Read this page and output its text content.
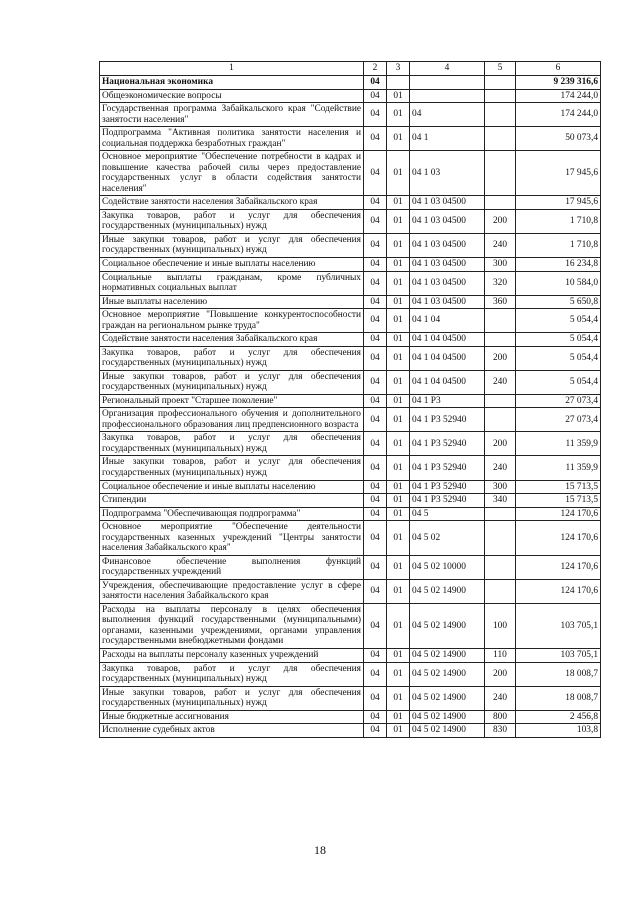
1	2	3	4	5	6
Национальная экономика	04				9 239 316,6
Общеэкономические вопросы	04	01			174 244,0
Государственная программа Забайкальского края "Содействие занятости населения"	04	01	04		174 244,0
Подпрограмма "Активная политика занятости населения и социальная поддержка безработных граждан"	04	01	04 1		50 073,4
Основное мероприятие "Обеспечение потребности в кадрах и повышение качества рабочей силы через предоставление государственных услуг в области содействия занятости населения"	04	01	04 1 03		17 945,6
Содействие занятости населения Забайкальского края	04	01	04 1 03 04500		17 945,6
Закупка товаров, работ и услуг для обеспечения государственных (муниципальных) нужд	04	01	04 1 03 04500	200	1 710,8
Иные закупки товаров, работ и услуг для обеспечения государственных (муниципальных) нужд	04	01	04 1 03 04500	240	1 710,8
Социальное обеспечение и иные выплаты населению	04	01	04 1 03 04500	300	16 234,8
Социальные выплаты гражданам, кроме публичных нормативных социальных выплат	04	01	04 1 03 04500	320	10 584,0
Иные выплаты населению	04	01	04 1 03 04500	360	5 650,8
Основное мероприятие "Повышение конкурентоспособности граждан на региональном рынке труда"	04	01	04 1 04		5 054,4
Содействие занятости населения Забайкальского края	04	01	04 1 04 04500		5 054,4
Закупка товаров, работ и услуг для обеспечения государственных (муниципальных) нужд	04	01	04 1 04 04500	200	5 054,4
Иные закупки товаров, работ и услуг для обеспечения государственных (муниципальных) нужд	04	01	04 1 04 04500	240	5 054,4
Региональный проект "Старшее поколение"	04	01	04 1 P3		27 073,4
Организация профессионального обучения и дополнительного профессионального образования лиц предпенсионного возраста	04	01	04 1 P3 52940		27 073,4
Закупка товаров, работ и услуг для обеспечения государственных (муниципальных) нужд	04	01	04 1 P3 52940	200	11 359,9
Иные закупки товаров, работ и услуг для обеспечения государственных (муниципальных) нужд	04	01	04 1 P3 52940	240	11 359,9
Социальное обеспечение и иные выплаты населению	04	01	04 1 P3 52940	300	15 713,5
Стипендии	04	01	04 1 P3 52940	340	15 713,5
Подпрограмма "Обеспечивающая подпрограмма"	04	01	04 5		124 170,6
Основное мероприятие "Обеспечение деятельности государственных казенных учреждений "Центры занятости населения Забайкальского края"	04	01	04 5 02		124 170,6
Финансовое обеспечение выполнения функций государственных учреждений	04	01	04 5 02 10000		124 170,6
Учреждения, обеспечивающие предоставление услуг в сфере занятости населения Забайкальского края	04	01	04 5 02 14900		124 170,6
Расходы на выплаты персоналу в целях обеспечения выполнения функций государственными (муниципальными) органами, казенными учреждениями, органами управления государственными внебюджетными фондами	04	01	04 5 02 14900	100	103 705,1
Расходы на выплаты персоналу казенных учреждений	04	01	04 5 02 14900	110	103 705,1
Закупка товаров, работ и услуг для обеспечения государственных (муниципальных) нужд	04	01	04 5 02 14900	200	18 008,7
Иные закупки товаров, работ и услуг для обеспечения государственных (муниципальных) нужд	04	01	04 5 02 14900	240	18 008,7
Иные бюджетные ассигнования	04	01	04 5 02 14900	800	2 456,8
Исполнение судебных актов	04	01	04 5 02 14900	830	103,8
18
